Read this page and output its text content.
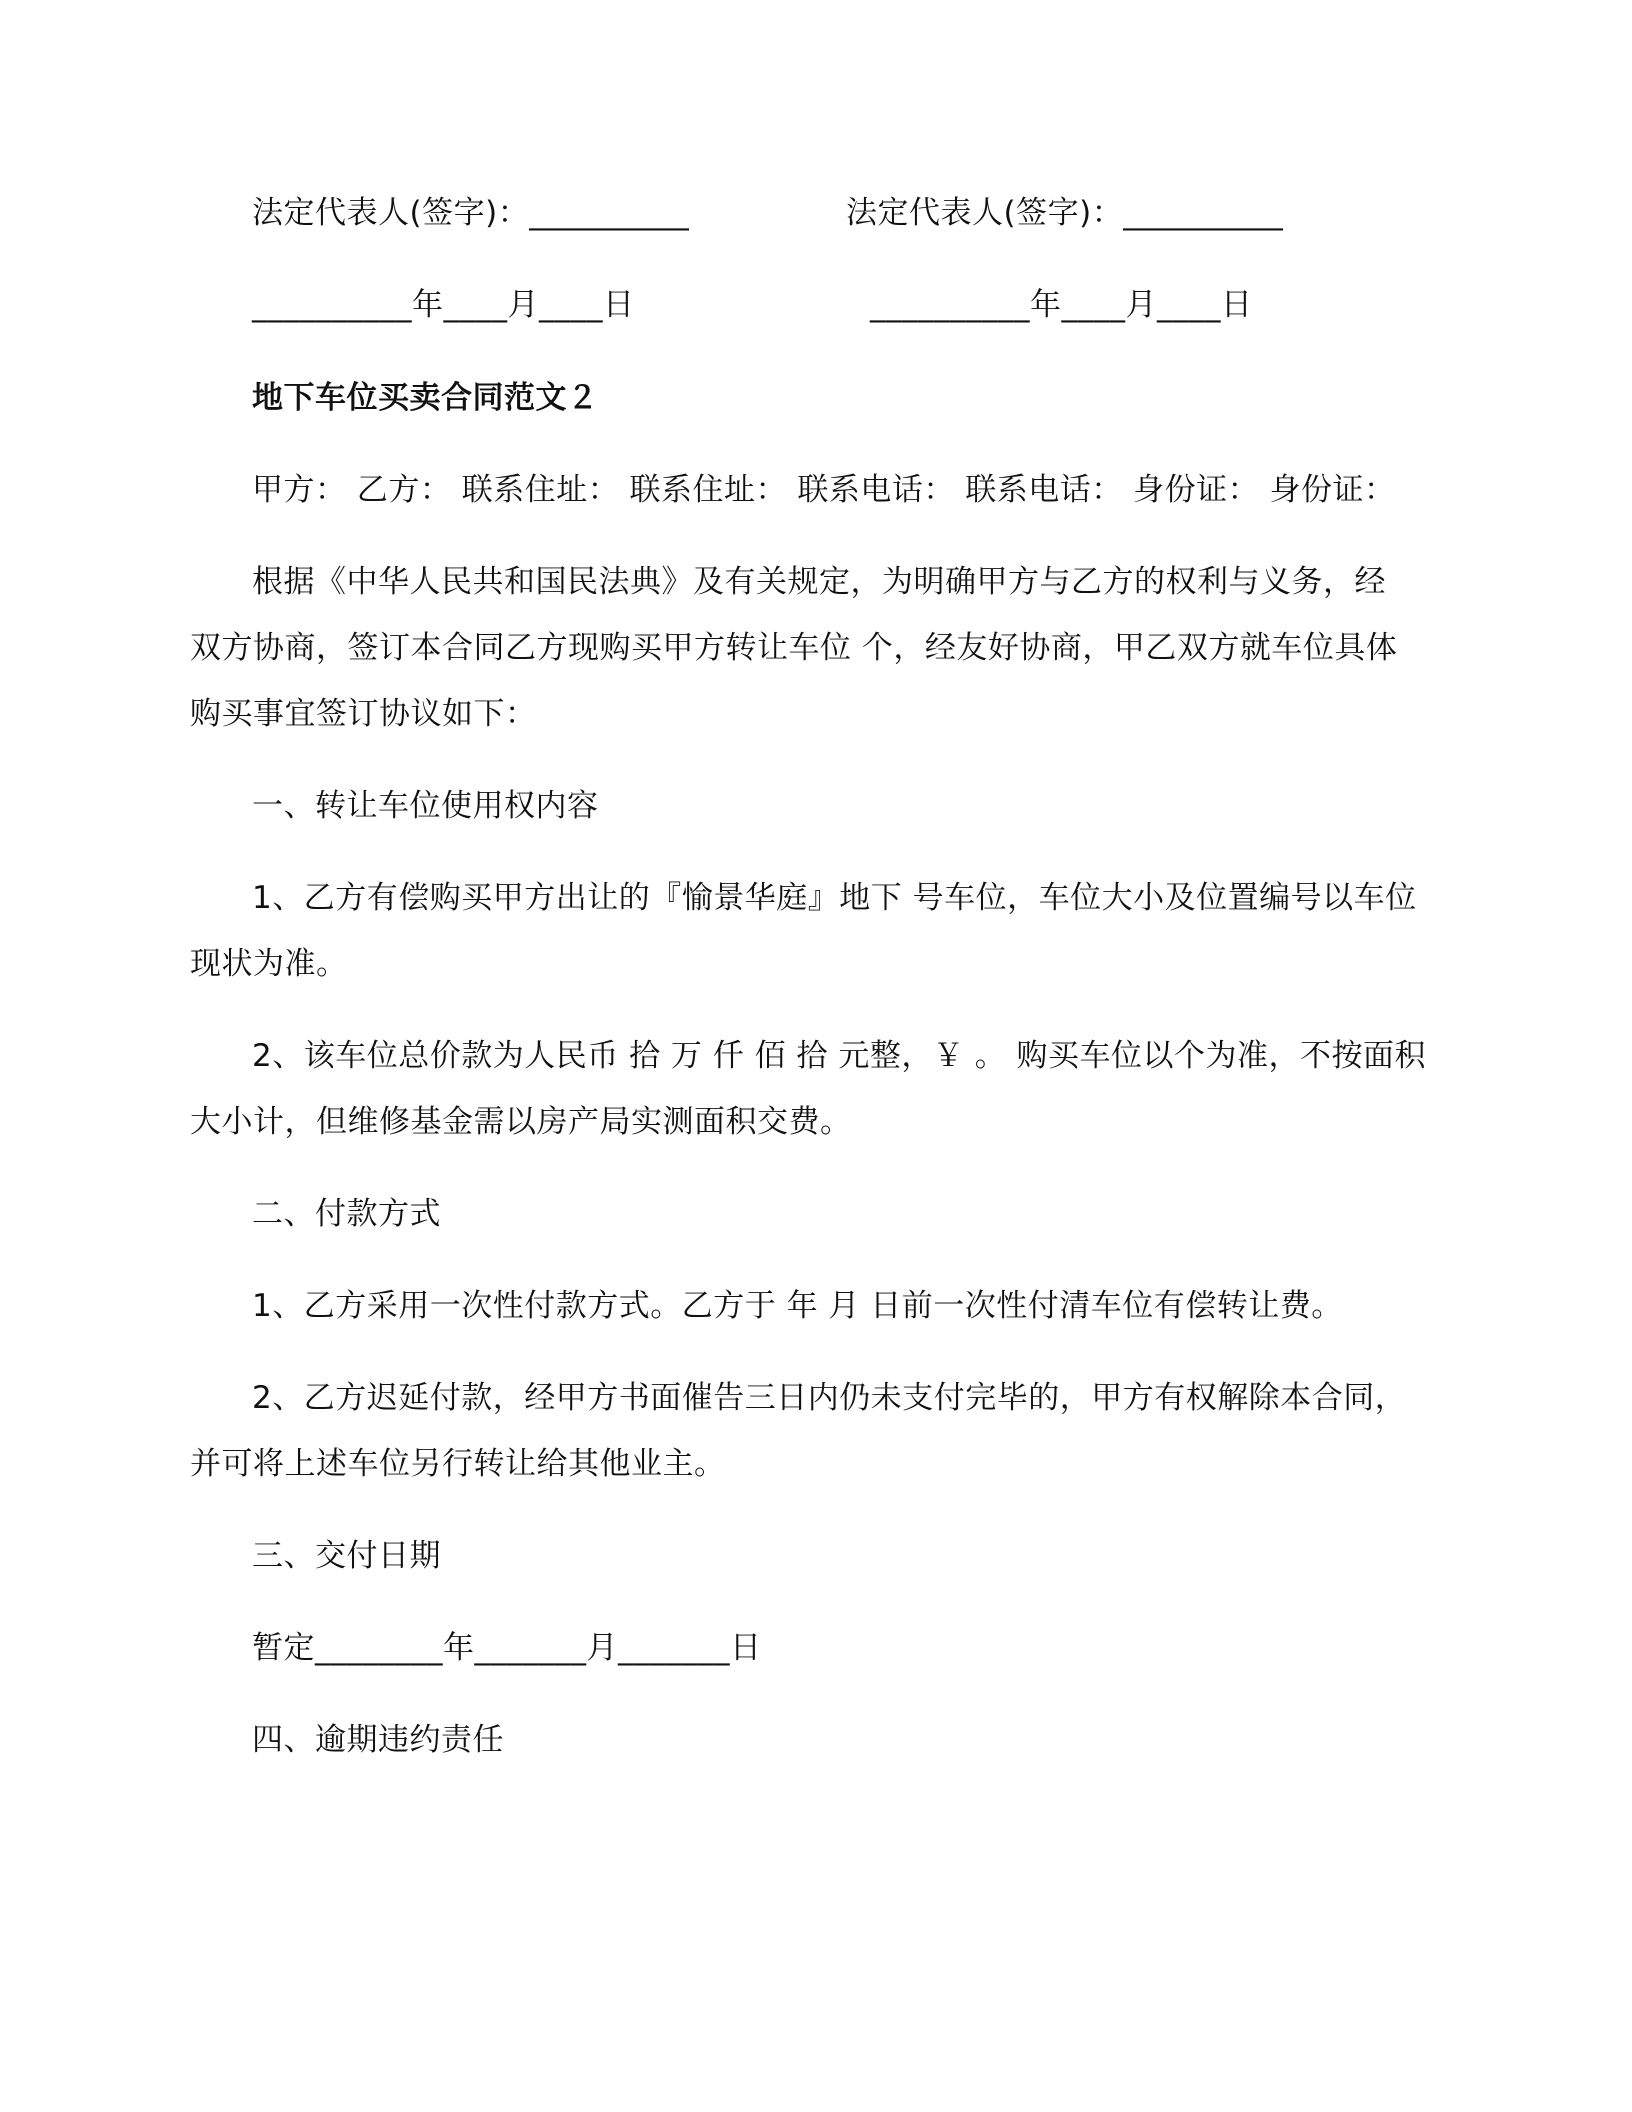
法定代表人(签字)：__________	法定代表人(签字)：__________
__________年____月____日	__________年____月____日
地下车位买卖合同范文２
甲方： 乙方： 联系住址： 联系住址： 联系电话： 联系电话： 身份证： 身份证：
根据《中华人民共和国民法典》及有关规定，为明确甲方与乙方的权利与义务，经
双方协商，签订本合同乙方现购买甲方转让车位 个，经友好协商，甲乙双方就车位具体
购买事宜签订协议如下：
一、转让车位使用权内容
1、乙方有偿购买甲方出让的『愉景华庭』地下 号车位，车位大小及位置编号以车位
现状为准。
2、该车位总价款为人民币 拾 万 仟 佰 拾 元整，￥ 。 购买车位以个为准，不按面积
大小计，但维修基金需以房产局实测面积交费。
二、付款方式
1、乙方采用一次性付款方式。乙方于 年 月 日前一次性付清车位有偿转让费。
2、乙方迟延付款，经甲方书面催告三日内仍未支付完毕的，甲方有权解除本合同，
并可将上述车位另行转让给其他业主。
三、交付日期
暂定________年_______月_______日
四、逾期违约责任
